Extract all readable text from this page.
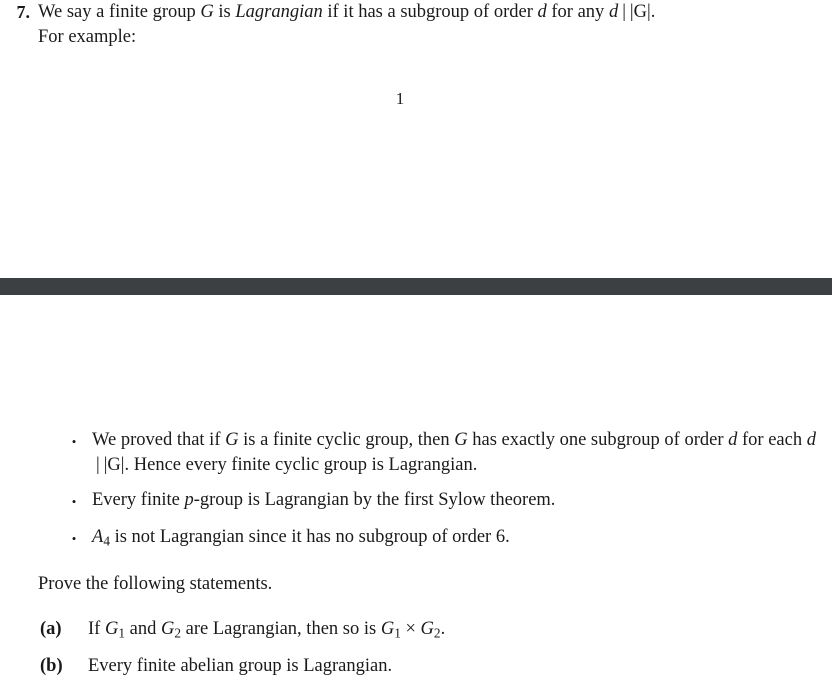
7. We say a finite group G is Lagrangian if it has a subgroup of order d for any d | |G|.
For example:
1
• We proved that if G is a finite cyclic group, then G has exactly one subgroup of order d for each d| |G|. Hence every finite cyclic group is Lagrangian.
• Every finite p-group is Lagrangian by the first Sylow theorem.
• $A_4$ is not Lagrangian since it has no subgroup of order 6.
Prove the following statements.
(a)	If $G_1$ and $G_2$ are Lagrangian, then so is $G_1 \times G_2$.
(b)	Every finite abelian group is Lagrangian.
